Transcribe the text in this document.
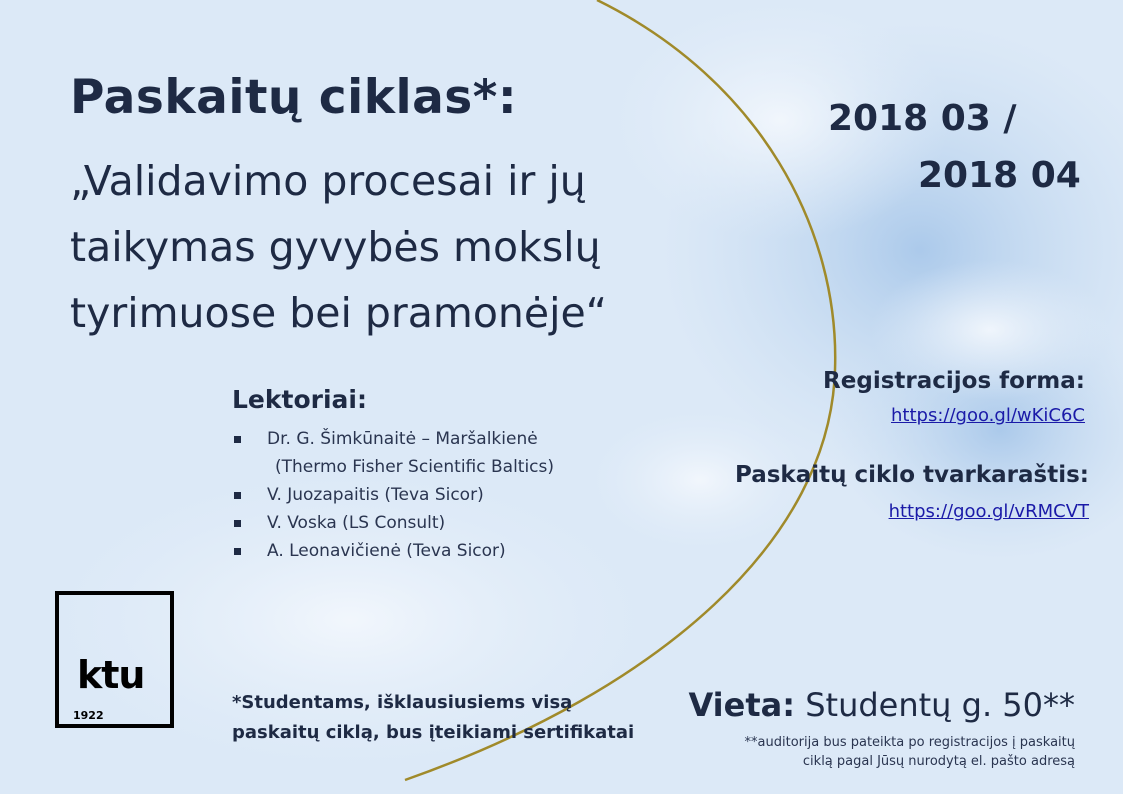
Paskaitų ciklas*:
„Validavimo procesai ir jų
taikymas gyvybės mokslų
tyrimuose bei pramonėje“
2018 03 /
2018 04
Lektoriai:
Dr. G. Šimkūnaitė – Maršalkienė
(Thermo Fisher Scientific Baltics)
V. Juozapaitis (Teva Sicor)
V. Voska (LS Consult)
A. Leonavičienė (Teva Sicor)
Registracijos forma:
https://goo.gl/wKiC6C
Paskaitų ciklo tvarkaraštis:
https://goo.gl/vRMCVT
ktu
1922
*Studentams, išklausiusiems visą
paskaitų ciklą, bus įteikiami sertifikatai
Vieta: Studentų g. 50**
**auditorija bus pateikta po registracijos į paskaitų
ciklą pagal Jūsų nurodytą el. pašto adresą
